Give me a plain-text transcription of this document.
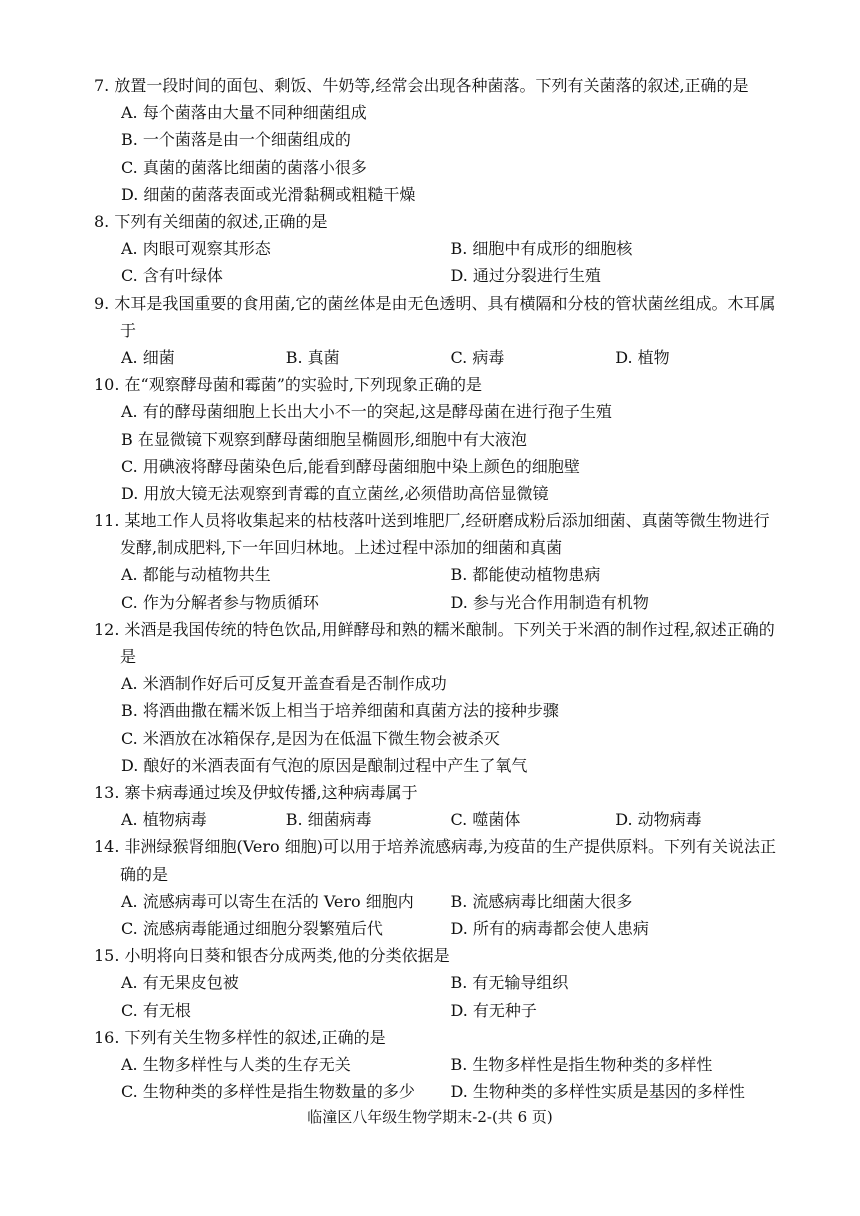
7. 放置一段时间的面包、剩饭、牛奶等,经常会出现各种菌落。下列有关菌落的叙述,正确的是
A. 每个菌落由大量不同种细菌组成
B. 一个菌落是由一个细菌组成的
C. 真菌的菌落比细菌的菌落小很多
D. 细菌的菌落表面或光滑黏稠或粗糙干燥
8. 下列有关细菌的叙述,正确的是
A. 肉眼可观察其形态	B. 细胞中有成形的细胞核
C. 含有叶绿体	D. 通过分裂进行生殖
9. 木耳是我国重要的食用菌,它的菌丝体是由无色透明、具有横隔和分枝的管状菌丝组成。木耳属于
A. 细菌	B. 真菌	C. 病毒	D. 植物
10. 在“观察酵母菌和霉菌”的实验时,下列现象正确的是
A. 有的酵母菌细胞上长出大小不一的突起,这是酵母菌在进行孢子生殖
B 在显微镜下观察到酵母菌细胞呈椭圆形,细胞中有大液泡
C. 用碘液将酵母菌染色后,能看到酵母菌细胞中染上颜色的细胞壁
D. 用放大镜无法观察到青霉的直立菌丝,必须借助高倍显微镜
11. 某地工作人员将收集起来的枯枝落叶送到堆肥厂,经研磨成粉后添加细菌、真菌等微生物进行发酵,制成肥料,下一年回归林地。上述过程中添加的细菌和真菌
A. 都能与动植物共生	B. 都能使动植物患病
C. 作为分解者参与物质循环	D. 参与光合作用制造有机物
12. 米酒是我国传统的特色饮品,用鲜酵母和熟的糯米酿制。下列关于米酒的制作过程,叙述正确的是
A. 米酒制作好后可反复开盖查看是否制作成功
B. 将酒曲撒在糯米饭上相当于培养细菌和真菌方法的接种步骤
C. 米酒放在冰箱保存,是因为在低温下微生物会被杀灭
D. 酿好的米酒表面有气泡的原因是酿制过程中产生了氧气
13. 寨卡病毒通过埃及伊蚊传播,这种病毒属于
A. 植物病毒	B. 细菌病毒	C. 噬菌体	D. 动物病毒
14. 非洲绿猴肾细胞(Vero 细胞)可以用于培养流感病毒,为疫苗的生产提供原料。下列有关说法正确的是
A. 流感病毒可以寄生在活的 Vero 细胞内	B. 流感病毒比细菌大很多
C. 流感病毒能通过细胞分裂繁殖后代	D. 所有的病毒都会使人患病
15. 小明将向日葵和银杏分成两类,他的分类依据是
A. 有无果皮包被	B. 有无输导组织
C. 有无根	D. 有无种子
16. 下列有关生物多样性的叙述,正确的是
A. 生物多样性与人类的生存无关	B. 生物多样性是指生物种类的多样性
C. 生物种类的多样性是指生物数量的多少	D. 生物种类的多样性实质是基因的多样性
临潼区八年级生物学期末-2-(共 6 页)
